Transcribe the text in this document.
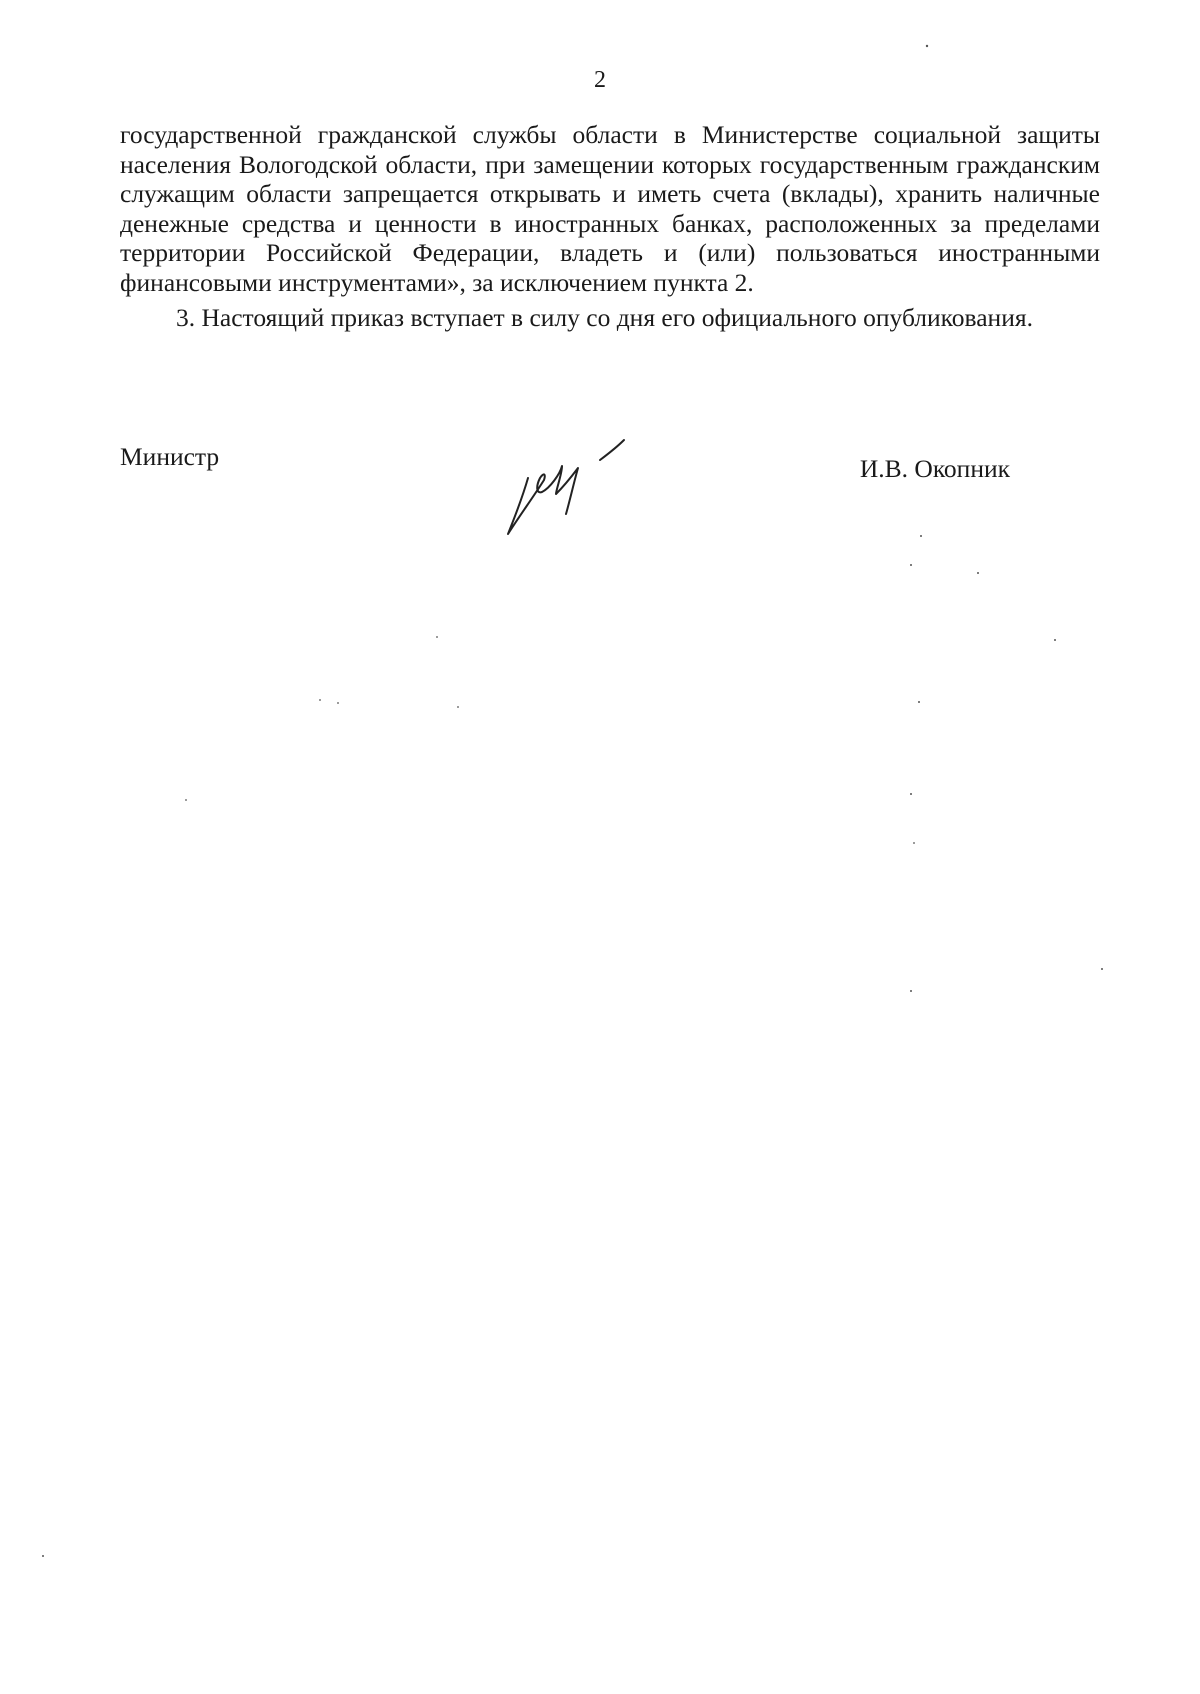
2

государственной гражданской службы области в Министерстве социальной защиты населения Вологодской области, при замещении которых государственным гражданским служащим области запрещается открывать и иметь счета (вклады), хранить наличные денежные средства и ценности в иностранных банках, расположенных за пределами территории Российской Федерации, владеть и (или) пользоваться иностранными финансовыми инструментами», за исключением пункта 2.

3. Настоящий приказ вступает в силу со дня его официального опубликования.

Министр	И.В. Окопник
